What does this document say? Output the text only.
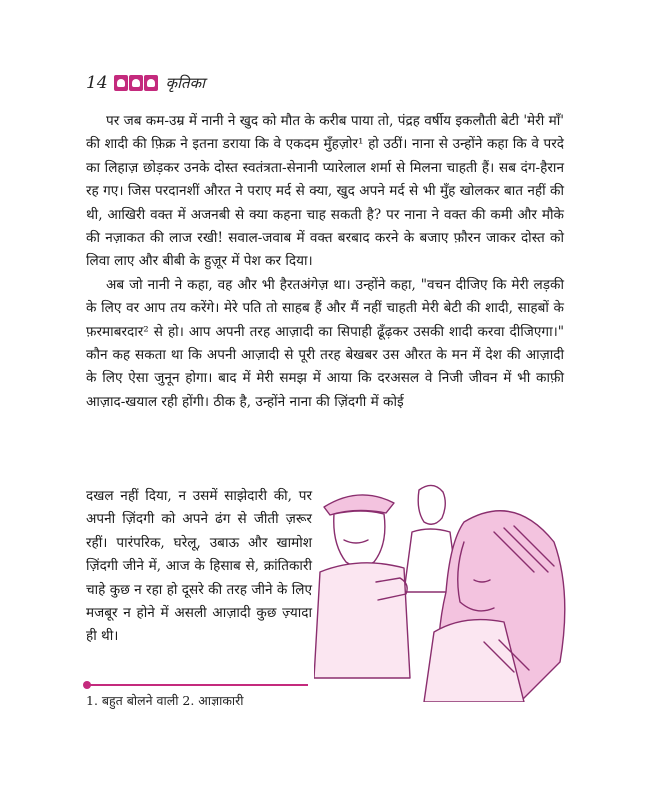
14	कृतिका

पर जब कम-उम्र में नानी ने खुद को मौत के करीब पाया तो, पंद्रह वर्षीय इकलौती बेटी 'मेरी माँ' की शादी की फ़िक्र ने इतना डराया कि वे एकदम मुँहज़ोर¹ हो उठीं। नाना से उन्होंने कहा कि वे परदे का लिहाज़ छोड़कर उनके दोस्त स्वतंत्रता-सेनानी प्यारेलाल शर्मा से मिलना चाहती हैं। सब दंग-हैरान रह गए। जिस परदानशीं औरत ने पराए मर्द से क्या, खुद अपने मर्द से भी मुँह खोलकर बात नहीं की थी, आखिरी वक्त में अजनबी से क्या कहना चाह सकती है? पर नाना ने वक्त की कमी और मौके की नज़ाकत की लाज रखी! सवाल-जवाब में वक्त बरबाद करने के बजाए फ़ौरन जाकर दोस्त को लिवा लाए और बीबी के हुज़ूर में पेश कर दिया।

अब जो नानी ने कहा, वह और भी हैरतअंगेज़ था। उन्होंने कहा, "वचन दीजिए कि मेरी लड़की के लिए वर आप तय करेंगे। मेरे पति तो साहब हैं और मैं नहीं चाहती मेरी बेटी की शादी, साहबों के फ़रमाबरदार² से हो। आप अपनी तरह आज़ादी का सिपाही ढूँढ़कर उसकी शादी करवा दीजिएगा।" कौन कह सकता था कि अपनी आज़ादी से पूरी तरह बेखबर उस औरत के मन में देश की आज़ादी के लिए ऐसा जुनून होगा। बाद में मेरी समझ में आया कि दरअसल वे निजी जीवन में भी काफ़ी आज़ाद-खयाल रही होंगी। ठीक है, उन्होंने नाना की ज़िंदगी में कोई

दखल नहीं दिया, न उसमें साझेदारी की, पर अपनी ज़िंदगी को अपने ढंग से जीती ज़रूर रहीं। पारंपरिक, घरेलू, उबाऊ और खामोश ज़िंदगी जीने में, आज के हिसाब से, क्रांतिकारी चाहे कुछ न रहा हो दूसरे की तरह जीने के लिए मजबूर न होने में असली आज़ादी कुछ ज़्यादा ही थी।

1. बहुत बोलने वाली 2. आज्ञाकारी
